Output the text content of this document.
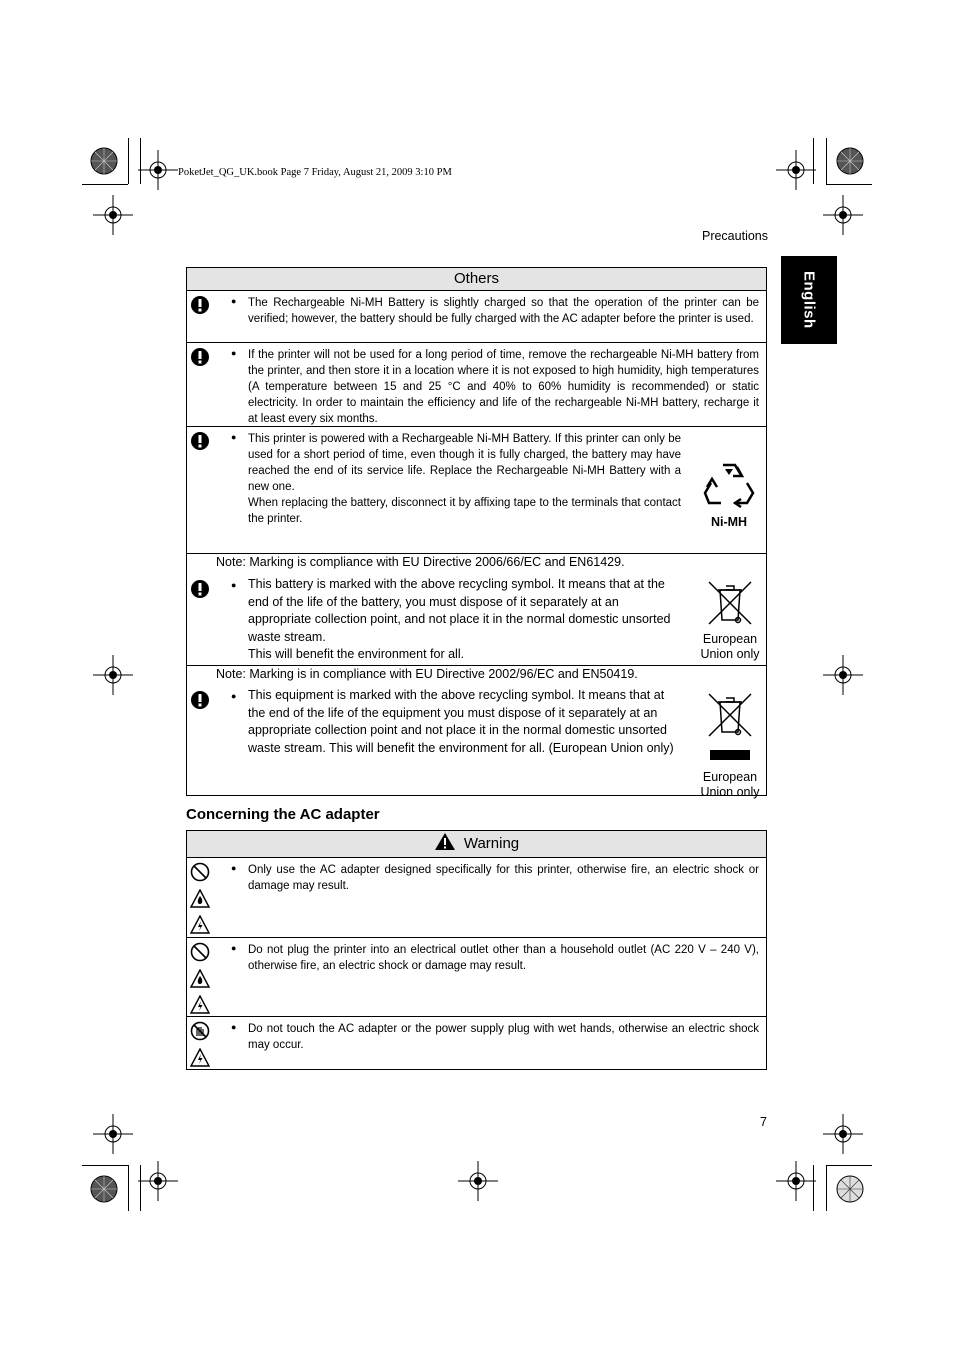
PoketJet_QG_UK.book Page 7 Friday, August 21, 2009 3:10 PM
Precautions
English
Others
● The Rechargeable Ni-MH Battery is slightly charged so that the operation of the printer can be verified; however, the battery should be fully charged with the AC adapter before the printer is used.
● If the printer will not be used for a long period of time, remove the rechargeable Ni-MH battery from the printer, and then store it in a location where it is not exposed to high humidity, high temperatures (A temperature between 15 and 25 °C and 40% to 60% humidity is recommended) or static electricity. In order to maintain the efficiency and life of the rechargeable Ni-MH battery, recharge it at least every six months.
● This printer is powered with a Rechargeable Ni-MH Battery. If this printer can only be used for a short period of time, even though it is fully charged, the battery may have reached the end of its service life. Replace the Rechargeable Ni-MH Battery with a new one.
When replacing the battery, disconnect it by affixing tape to the terminals that contact the printer.	Ni-MH
Note: Marking is compliance with EU Directive 2006/66/EC and EN61429.
● This battery is marked with the above recycling symbol. It means that at the
end of the life of the battery, you must dispose of it separately at an
appropriate collection point, and not place it in the normal domestic unsorted
waste stream.
This will benefit the environment for all.
European
Union only
Note: Marking is in compliance with EU Directive 2002/96/EC and EN50419.
● This equipment is marked with the above recycling symbol. It means that at
the end of the life of the equipment you must dispose of it separately at an
appropriate collection point and not place it in the normal domestic unsorted
waste stream. This will benefit the environment for all. (European Union only)
European
Union only
Concerning the AC adapter
Warning
● Only use the AC adapter designed specifically for this printer, otherwise fire, an electric shock or damage may result.
● Do not plug the printer into an electrical outlet other than a household outlet (AC 220 V – 240 V), otherwise fire, an electric shock or damage may result.
● Do not touch the AC adapter or the power supply plug with wet hands, otherwise an electric shock may occur.
7
